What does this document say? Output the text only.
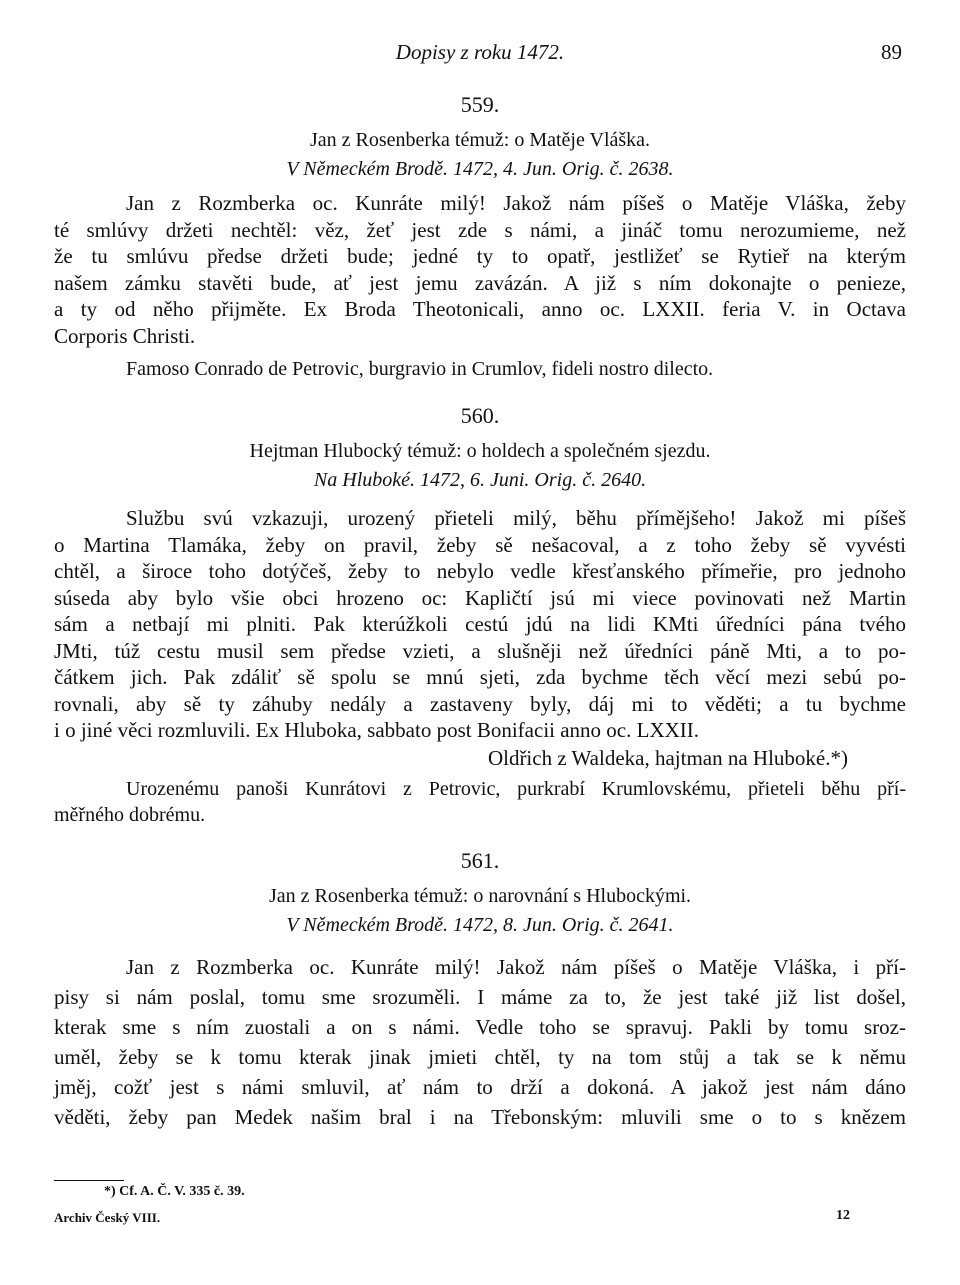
Dopisy z roku 1472.	89
559.
Jan z Rosenberka témuž: o Matěje Vláška.
V Německém Brodě. 1472, 4. Jun. Orig. č. 2638.
Jan z Rozmberka oc. Kunráte milý! Jakož nám píšeš o Matěje Vláška, žeby
té smlúvy držeti nechtěl: věz, žeť jest zde s námi, a jináč tomu nerozumieme, než
že tu smlúvu předse držeti bude; jedné ty to opatř, jestližeť se Rytieř na kterým
našem zámku stavěti bude, ať jest jemu zavázán. A již s ním dokonajte o penieze,
a ty od něho přijměte. Ex Broda Theotonicali, anno oc. LXXII. feria V. in Octava
Corporis Christi.
Famoso Conrado de Petrovic, burgravio in Crumlov, fideli nostro dilecto.
560.
Hejtman Hlubocký témuž: o holdech a společném sjezdu.
Na Hluboké. 1472, 6. Juni. Orig. č. 2640.
Službu svú vzkazuji, urozený přieteli milý, běhu přímějšeho! Jakož mi píšeš
o Martina Tlamáka, žeby on pravil, žeby sě nešacoval, a z toho žeby sě vyvésti
chtěl, a široce toho dotýčeš, žeby to nebylo vedle křesťanského přímeřie, pro jednoho
súseda aby bylo všie obci hrozeno oc: Kapličtí jsú mi viece povinovati než Martin
sám a netbají mi plniti. Pak kterúžkoli cestú jdú na lidi KMti úředníci pána tvého
JMti, túž cestu musil sem předse vzieti, a slušněji než úředníci páně Mti, a to po-
čátkem jich. Pak zdáliť sě spolu se mnú sjeti, zda bychme těch věcí mezi sebú po-
rovnali, aby sě ty záhuby nedály a zastaveny byly, dáj mi to věděti; a tu bychme
i o jiné věci rozmluvili. Ex Hluboka, sabbato post Bonifacii anno oc. LXXII.
Oldřich z Waldeka, hajtman na Hluboké.*)
Urozenému panoši Kunrátovi z Petrovic, purkrabí Krumlovskému, přieteli běhu pří-
měřného dobrému.
561.
Jan z Rosenberka témuž: o narovnání s Hlubockými.
V Německém Brodě. 1472, 8. Jun. Orig. č. 2641.
Jan z Rozmberka oc. Kunráte milý! Jakož nám píšeš o Matěje Vláška, i pří-
pisy si nám poslal, tomu sme srozuměli. I máme za to, že jest také již list došel,
kterak sme s ním zuostali a on s námi. Vedle toho se spravuj. Pakli by tomu sroz-
uměl, žeby se k tomu kterak jinak jmieti chtěl, ty na tom stůj a tak se k němu
jměj, cožť jest s námi smluvil, ať nám to drží a dokoná. A jakož jest nám dáno
věděti, žeby pan Medek našim bral i na Třebonským: mluvili sme o to s knězem
*) Cf. A. Č. V. 335 č. 39.
Archiv Český VIII.	12
